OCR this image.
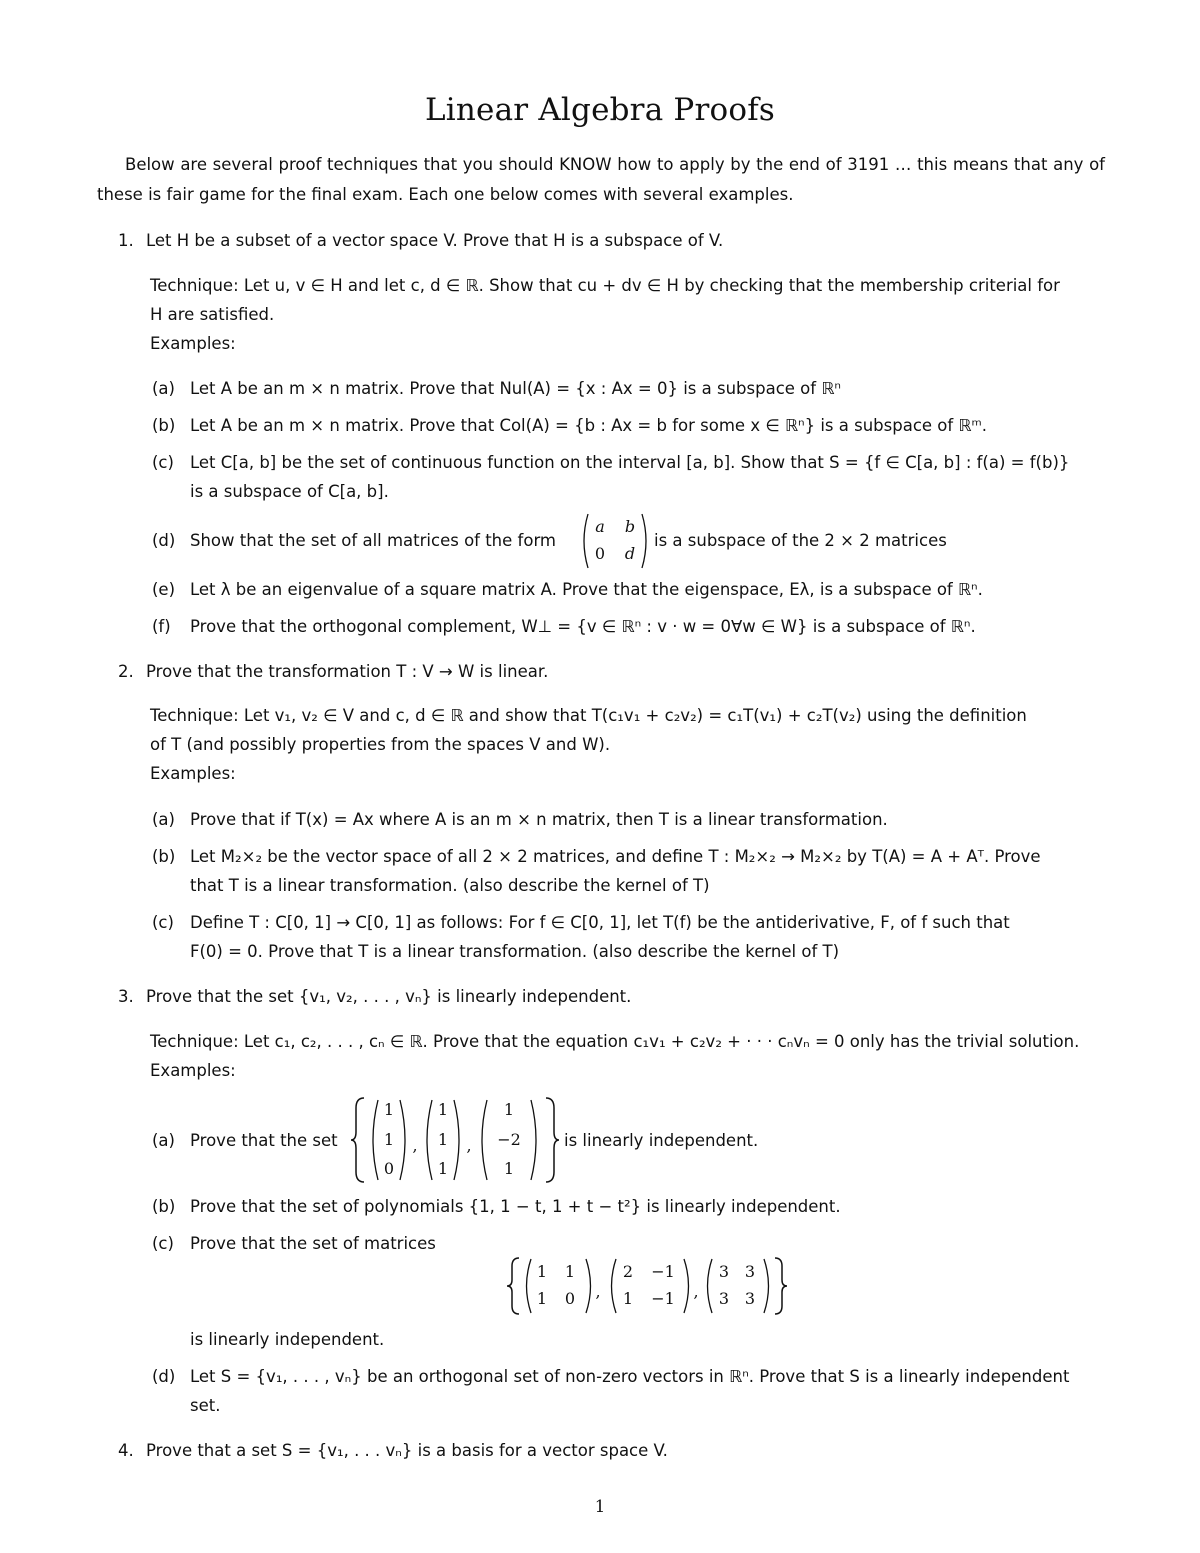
Linear Algebra Proofs
Below are several proof techniques that you should KNOW how to apply by the end of 3191 … this means that any of these is fair game for the final exam. Each one below comes with several examples.
1. Let H be a subset of a vector space V. Prove that H is a subspace of V.
Technique: Let u, v ∈ H and let c, d ∈ ℝ. Show that cu + dv ∈ H by checking that the membership criterial for
H are satisfied.
Examples:
(a) Let A be an m × n matrix. Prove that Nul(A) = {x : Ax = 0} is a subspace of ℝⁿ
(b) Let A be an m × n matrix. Prove that Col(A) = {b : Ax = b for some x ∈ ℝⁿ} is a subspace of ℝᵐ.
(c) Let C[a, b] be the set of continuous function on the interval [a, b]. Show that S = {f ∈ C[a, b] : f(a) = f(b)}
is a subspace of C[a, b].
(d) Show that the set of all matrices of the form
a	b
0	d
is a subspace of the 2 × 2 matrices
(e) Let λ be an eigenvalue of a square matrix A. Prove that the eigenspace, Eλ, is a subspace of ℝⁿ.
(f) Prove that the orthogonal complement, W⊥ = {v ∈ ℝⁿ : v · w = 0∀w ∈ W} is a subspace of ℝⁿ.
2. Prove that the transformation T : V → W is linear.
Technique: Let v₁, v₂ ∈ V and c, d ∈ ℝ and show that T(c₁v₁ + c₂v₂) = c₁T(v₁) + c₂T(v₂) using the definition
of T (and possibly properties from the spaces V and W).
Examples:
(a) Prove that if T(x) = Ax where A is an m × n matrix, then T is a linear transformation.
(b) Let M₂×₂ be the vector space of all 2 × 2 matrices, and define T : M₂×₂ → M₂×₂ by T(A) = A + Aᵀ. Prove
that T is a linear transformation. (also describe the kernel of T)
(c) Define T : C[0, 1] → C[0, 1] as follows: For f ∈ C[0, 1], let T(f) be the antiderivative, F, of f such that
F(0) = 0. Prove that T is a linear transformation. (also describe the kernel of T)
3. Prove that the set {v₁, v₂, . . . , vₙ} is linearly independent.
Technique: Let c₁, c₂, . . . , cₙ ∈ ℝ. Prove that the equation c₁v₁ + c₂v₂ + · · · cₙvₙ = 0 only has the trivial solution.
Examples:
(a) Prove that the set
1
1
0
,
1
1
1
,
1
−2
1
is linearly independent.
(b) Prove that the set of polynomials {1, 1 − t, 1 + t − t²} is linearly independent.
(c) Prove that the set of matrices
1	1
1	0	,
2	−1
1	−1	,
3 3
3 3
is linearly independent.
(d) Let S = {v₁, . . . , vₙ} be an orthogonal set of non-zero vectors in ℝⁿ. Prove that S is a linearly independent
set.
4. Prove that a set S = {v₁, . . . vₙ} is a basis for a vector space V.
1
